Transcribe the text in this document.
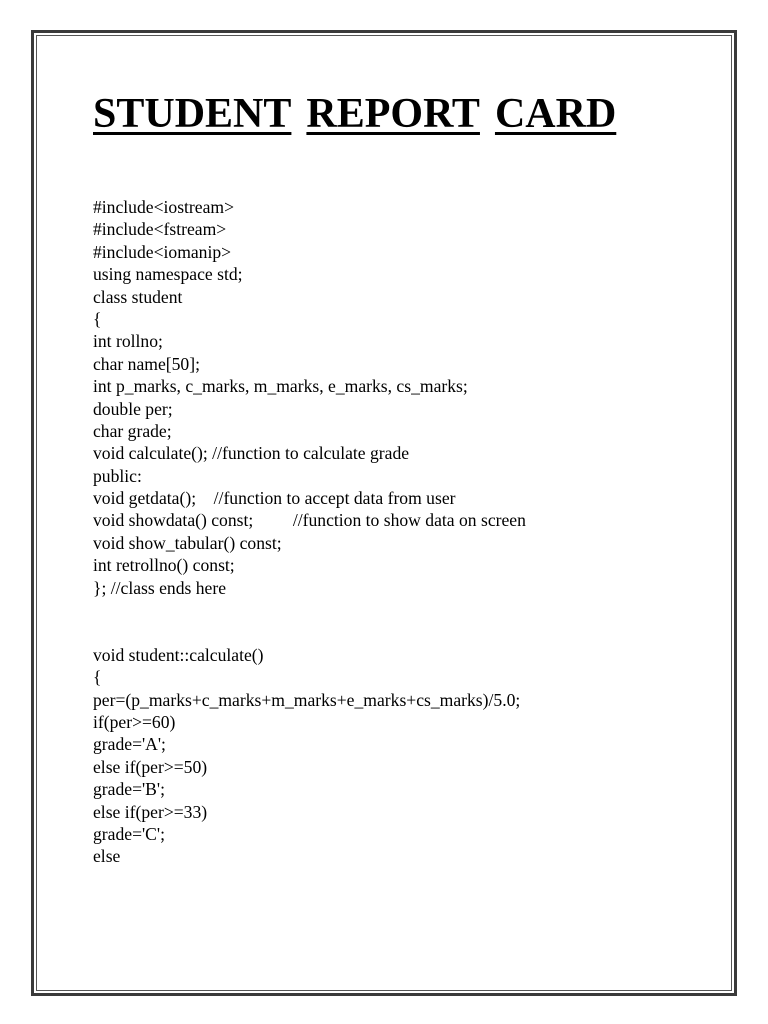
STUDENT REPORT CARD
#include<iostream>
#include<fstream>
#include<iomanip>
using namespace std;
class student
{
int rollno;
char name[50];
int p_marks, c_marks, m_marks, e_marks, cs_marks;
double per;
char grade;
void calculate(); //function to calculate grade
public:
void getdata();    //function to accept data from user
void showdata() const;         //function to show data on screen
void show_tabular() const;
int retrollno() const;
}; //class ends here
void student::calculate()
{
per=(p_marks+c_marks+m_marks+e_marks+cs_marks)/5.0;
if(per>=60)
grade='A';
else if(per>=50)
grade='B';
else if(per>=33)
grade='C';
else
